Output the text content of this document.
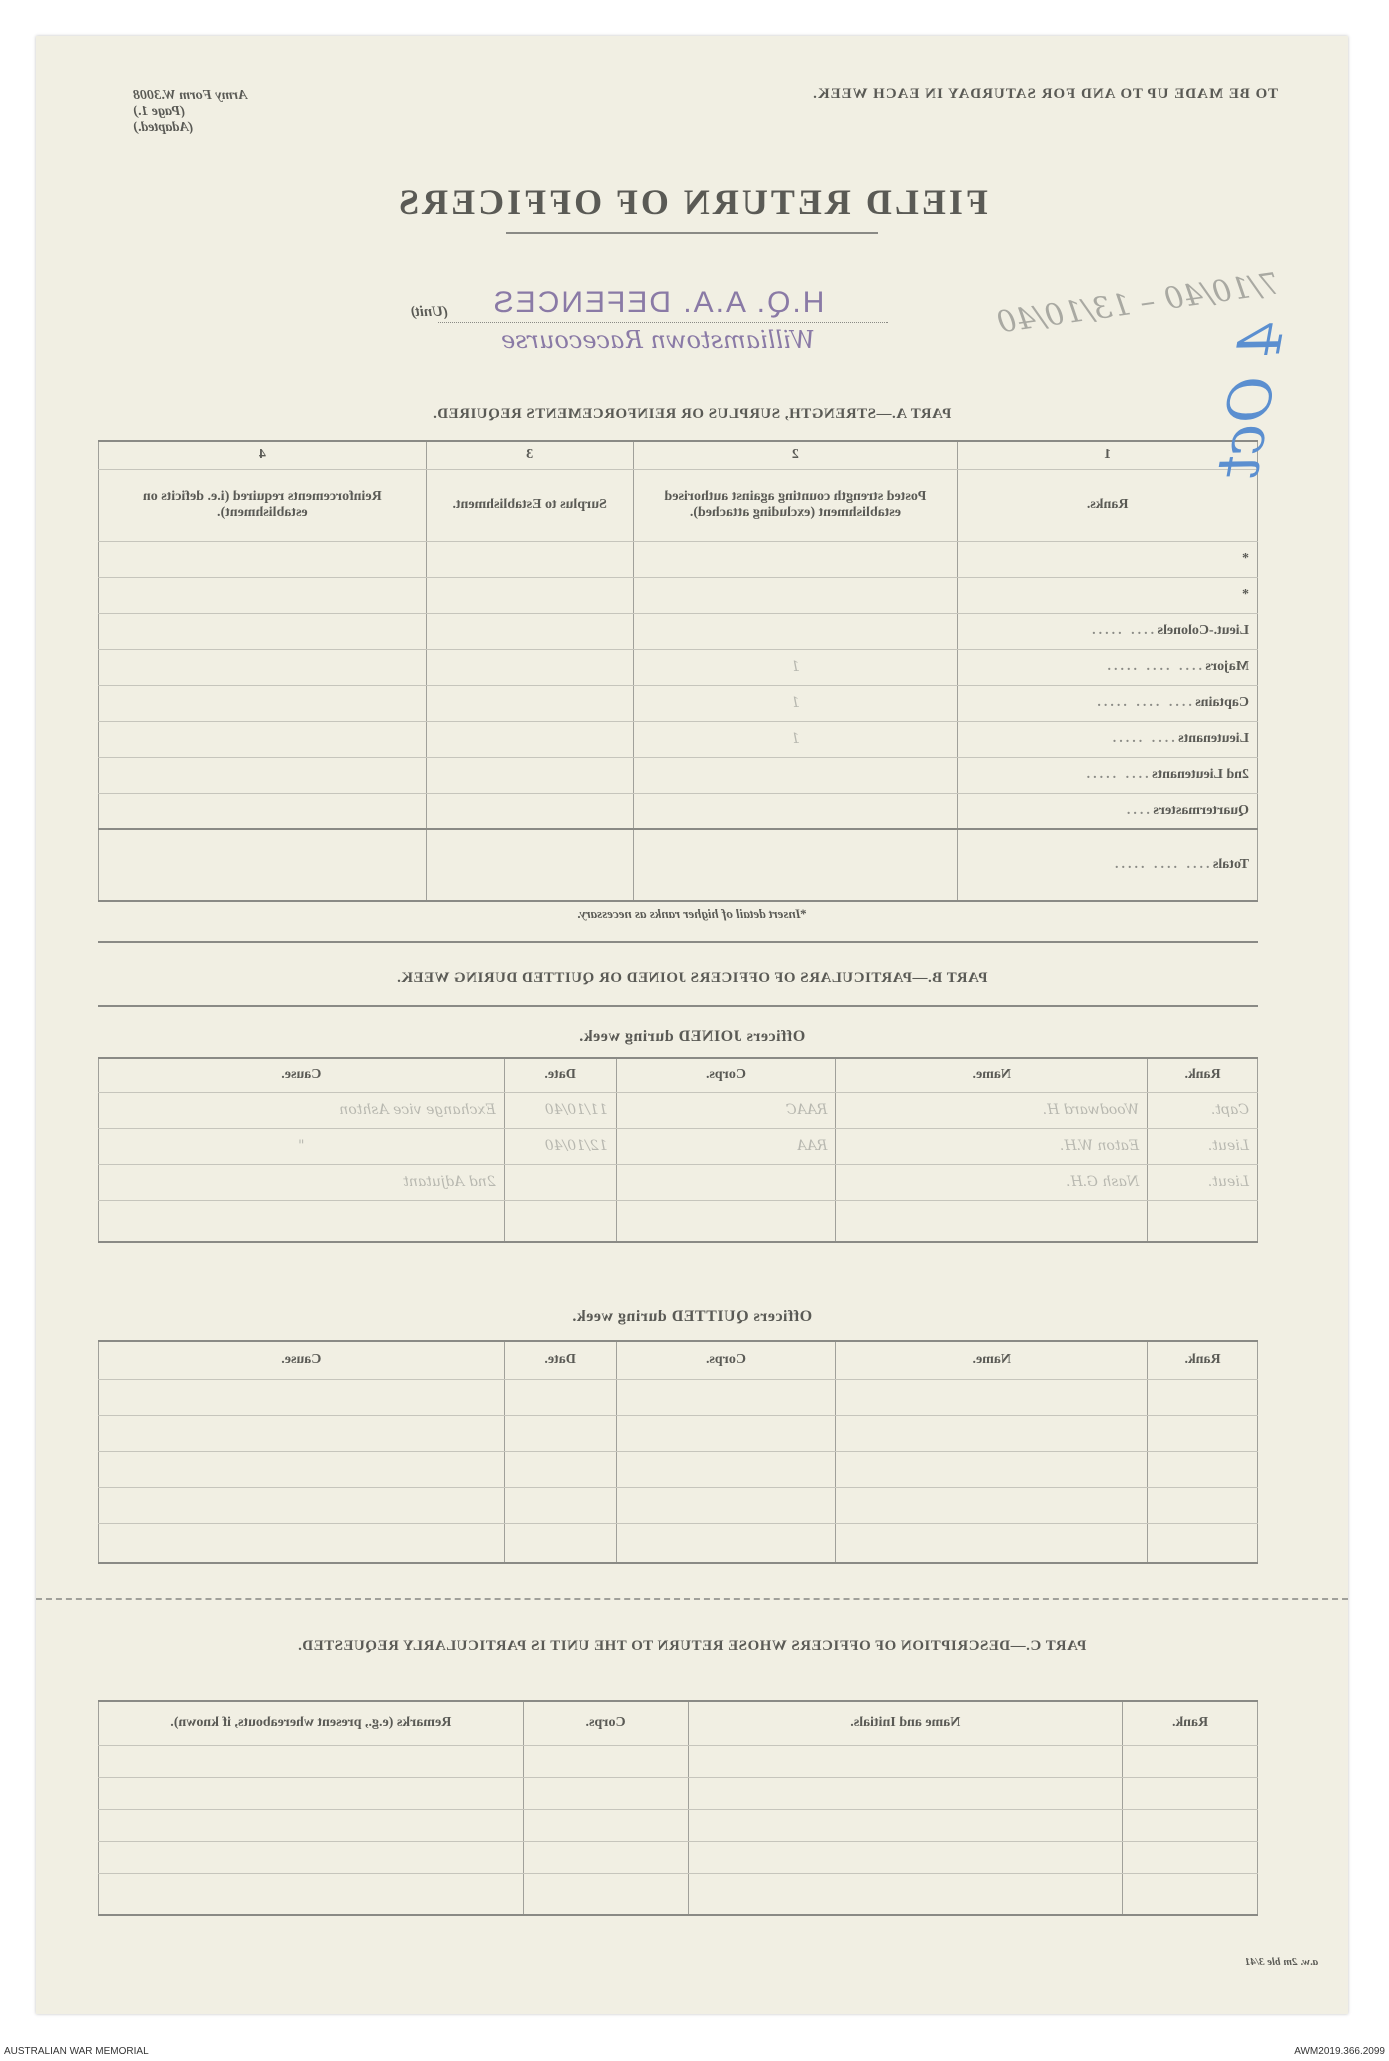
TO BE MADE UP TO AND FOR SATURDAY IN EACH WEEK.
Army Form W.3008
(Page 1.)
(Adapted.)
FIELD RETURN OF OFFICERS
H.Q. A.A. DEFENCES
(Unit)
Williamstown Racecourse
PART A.—STRENGTH, SURPLUS OR REINFORCEMENTS REQUIRED.
1	2	3	4
Ranks.	Posted strength counting against authorised establishment (excluding attached).	Surplus to Establishment.	Reinforcements required (i.e. deficits on establishment).
*			
*			
Lieut.-Colonels .... .....			
Majors .... .... .....	1		
Captains .... .... .....	1		
Lieutenants .... .....	1		
2nd Lieutenants .... .....			
Quartermasters ....			
Totals .... .... .....			
*Insert detail of higher ranks as necessary.
PART B.—PARTICULARS OF OFFICERS JOINED OR QUITTED DURING WEEK.
Officers JOINED during week.
Rank.	Name.	Corps.	Date.	Cause.
Capt.	Woodward H.	RAAC	11/10/40	Exchange vice Ashton
Lieut.	Eaton W.H.	RAA	12/10/40	"
Lieut.	Nash G.H.			2nd Adjutant

Officers QUITTED during week.
Rank.	Name.	Corps.	Date.	Cause.

PART C.—DESCRIPTION OF OFFICERS WHOSE RETURN TO THE UNIT IS PARTICULARLY REQUESTED.
Rank.	Name and Initials.	Corps.	Remarks (e.g., present whereabouts, if known).

a.w. 2m ble 3/41
7/10/40 – 13/10/40
4 Oct
AUSTRALIAN WAR MEMORIAL	AWM2019.366.2099
